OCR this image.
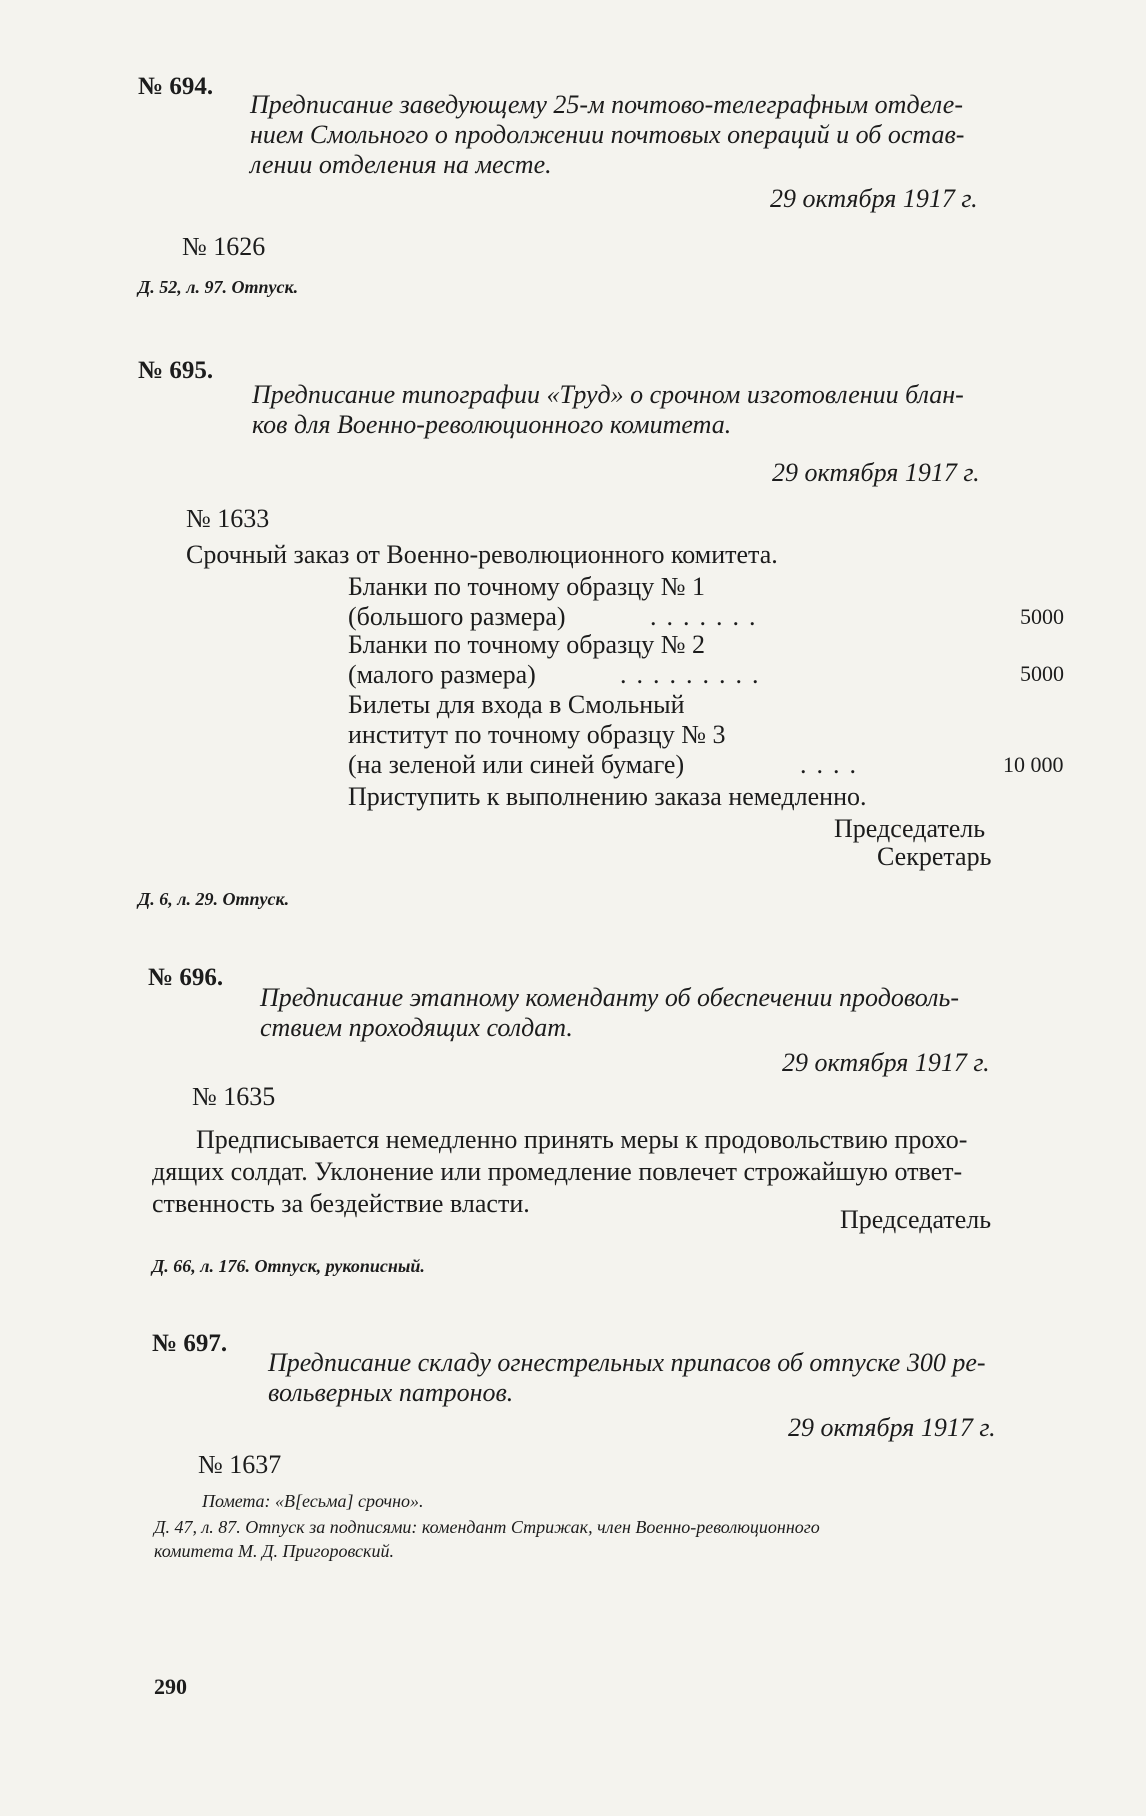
№ 694.
Предписание заведующему 25-м почтово-телеграфным отделе-
нием Смольного о продолжении почтовых операций и об остав-
лении отделения на месте.
29 октября 1917 г.
№ 1626
Д. 52, л. 97. Отпуск.
№ 695.
Предписание типографии «Труд» о срочном изготовлении блан-
ков для Военно-революционного комитета.
29 октября 1917 г.
№ 1633
Срочный заказ от Военно-революционного комитета.
Бланки по точному образцу № 1
(большого размера)	.......	5000
Бланки по точному образцу № 2
(малого размера)	.........	5000
Билеты для входа в Смольный
институт по точному образцу № 3
(на зеленой или синей бумаге)	....	10 000
Приступить к выполнению заказа немедленно.
Председатель
Секретарь
Д. 6, л. 29. Отпуск.
№ 696.
Предписание этапному коменданту об обеспечении продоволь-
ствием проходящих солдат.
29 октября 1917 г.
№ 1635
Предписывается немедленно принять меры к продовольствию прохо-
дящих солдат. Уклонение или промедление повлечет строжайшую ответ-
ственность за бездействие власти.
Председатель
Д. 66, л. 176. Отпуск, рукописный.
№ 697.
Предписание складу огнестрельных припасов об отпуске 300 ре-
вольверных патронов.
29 октября 1917 г.
№ 1637
Пометa: «В[есьма] срочно».
Д. 47, л. 87. Отпуск за подписями: комендант Стрижак, член Военно-революционного
комитета М. Д. Пригоровский.
290
